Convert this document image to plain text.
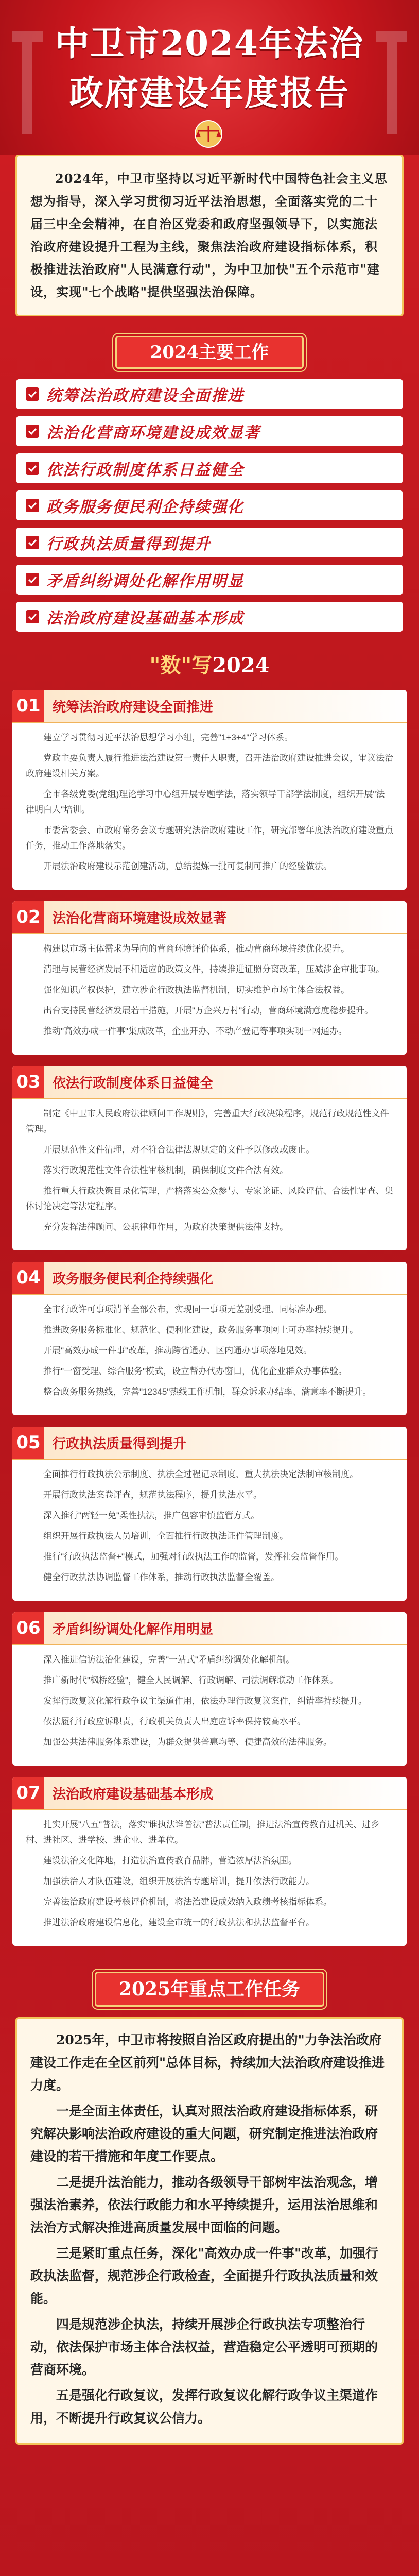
中卫市2024年法治
政府建设年度报告

2024年，中卫市坚持以习近平新时代中国特色社会主义思想为指导，深入学习贯彻习近平法治思想，全面落实党的二十届三中全会精神，在自治区党委和政府坚强领导下，以实施法治政府建设提升工程为主线，聚焦法治政府建设指标体系，积极推进法治政府"人民满意行动"，为中卫加快"五个示范市"建设，实现"七个战略"提供坚强法治保障。

2024主要工作
统筹法治政府建设全面推进
法治化营商环境建设成效显著
依法行政制度体系日益健全
政务服务便民利企持续强化
行政执法质量得到提升
矛盾纠纷调处化解作用明显
法治政府建设基础基本形成
"数"写2024
01 统筹法治政府建设全面推进

建立学习贯彻习近平法治思想学习小组，完善"1+3+4"学习体系。

党政主要负责人履行推进法治建设第一责任人职责，召开法治政府建设推进会议，审议法治政府建设相关方案。

全市各级党委(党组)理论学习中心组开展专题学法，落实领导干部学法制度，组织开展"法律明白人"培训。

市委常委会、市政府常务会议专题研究法治政府建设工作，研究部署年度法治政府建设重点任务，推动工作落地落实。

开展法治政府建设示范创建活动，总结提炼一批可复制可推广的经验做法。

02 法治化营商环境建设成效显著

构建以市场主体需求为导向的营商环境评价体系，推动营商环境持续优化提升。

清理与民营经济发展不相适应的政策文件，持续推进证照分离改革，压减涉企审批事项。

强化知识产权保护，建立涉企行政执法监督机制，切实维护市场主体合法权益。

出台支持民营经济发展若干措施，开展"万企兴万村"行动，营商环境满意度稳步提升。

推动"高效办成一件事"集成改革，企业开办、不动产登记等事项实现一网通办。

03 依法行政制度体系日益健全

制定《中卫市人民政府法律顾问工作规则》，完善重大行政决策程序，规范行政规范性文件管理。

开展规范性文件清理，对不符合法律法规规定的文件予以修改或废止。

落实行政规范性文件合法性审核机制，确保制度文件合法有效。

推行重大行政决策目录化管理，严格落实公众参与、专家论证、风险评估、合法性审查、集体讨论决定等法定程序。

充分发挥法律顾问、公职律师作用，为政府决策提供法律支持。

04 政务服务便民利企持续强化

全市行政许可事项清单全部公布，实现同一事项无差别受理、同标准办理。

推进政务服务标准化、规范化、便利化建设，政务服务事项网上可办率持续提升。

开展"高效办成一件事"改革，推动跨省通办、区内通办事项落地见效。

推行"一窗受理、综合服务"模式，设立帮办代办窗口，优化企业群众办事体验。

整合政务服务热线，完善"12345"热线工作机制，群众诉求办结率、满意率不断提升。

05 行政执法质量得到提升

全面推行行政执法公示制度、执法全过程记录制度、重大执法决定法制审核制度。

开展行政执法案卷评查，规范执法程序，提升执法水平。

深入推行"两轻一免"柔性执法，推广包容审慎监管方式。

组织开展行政执法人员培训，全面推行行政执法证件管理制度。

推行"行政执法监督+"模式，加强对行政执法工作的监督，发挥社会监督作用。

健全行政执法协调监督工作体系，推动行政执法监督全覆盖。

06 矛盾纠纷调处化解作用明显

深入推进信访法治化建设，完善"一站式"矛盾纠纷调处化解机制。

推广新时代"枫桥经验"，健全人民调解、行政调解、司法调解联动工作体系。

发挥行政复议化解行政争议主渠道作用，依法办理行政复议案件，纠错率持续提升。

依法履行行政应诉职责，行政机关负责人出庭应诉率保持较高水平。

加强公共法律服务体系建设，为群众提供普惠均等、便捷高效的法律服务。

07 法治政府建设基础基本形成

扎实开展"八五"普法，落实"谁执法谁普法"普法责任制，推进法治宣传教育进机关、进乡村、进社区、进学校、进企业、进单位。

建设法治文化阵地，打造法治宣传教育品牌，营造浓厚法治氛围。

加强法治人才队伍建设，组织开展法治专题培训，提升依法行政能力。

完善法治政府建设考核评价机制，将法治建设成效纳入政绩考核指标体系。

推进法治政府建设信息化，建设全市统一的行政执法和执法监督平台。

2025年重点工作任务

2025年，中卫市将按照自治区政府提出的"力争法治政府建设工作走在全区前列"总体目标，持续加大法治政府建设推进力度。

一是全面主体责任，认真对照法治政府建设指标体系，研究解决影响法治政府建设的重大问题，研究制定推进法治政府建设的若干措施和年度工作要点。

二是提升法治能力，推动各级领导干部树牢法治观念，增强法治素养，依法行政能力和水平持续提升，运用法治思维和法治方式解决推进高质量发展中面临的问题。

三是紧盯重点任务，深化"高效办成一件事"改革，加强行政执法监督，规范涉企行政检查，全面提升行政执法质量和效能。

四是规范涉企执法，持续开展涉企行政执法专项整治行动，依法保护市场主体合法权益，营造稳定公平透明可预期的营商环境。

五是强化行政复议，发挥行政复议化解行政争议主渠道作用，不断提升行政复议公信力。
